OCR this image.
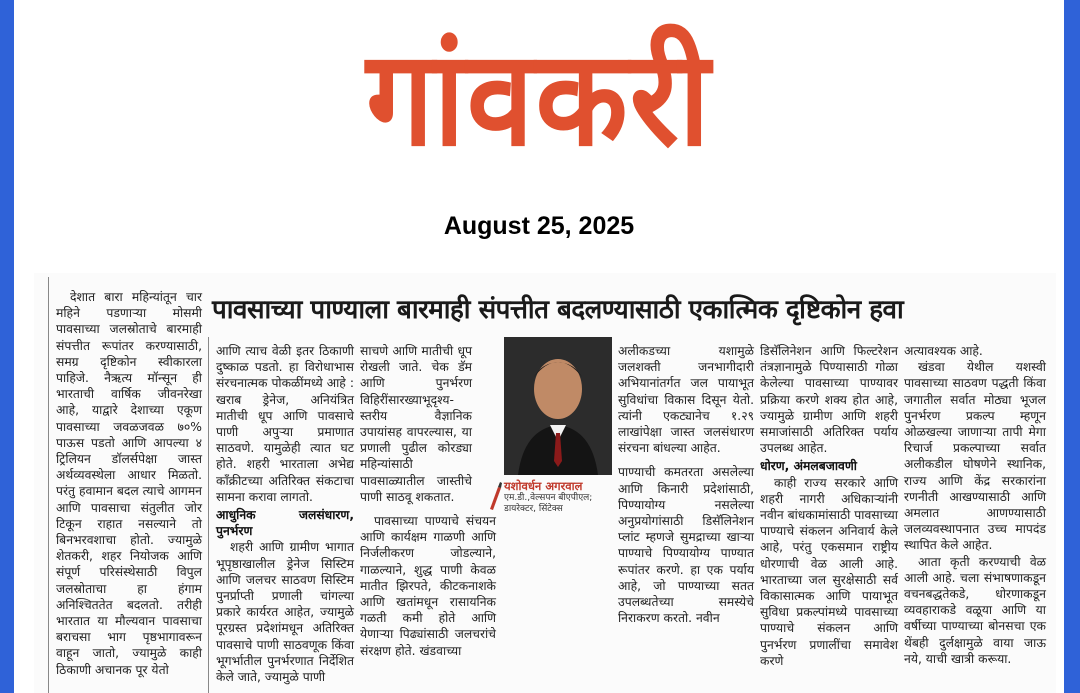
गांवकरी
August 25, 2025
पावसाच्या पाण्याला बारमाही संपत्तीत बदलण्यासाठी एकात्मिक दृष्टिकोन हवा

देशात बारा महिन्यांतून चार महिने पडणाऱ्या मोसमी पावसाच्या जलस्रोताचे बारमाही संपत्तीत रूपांतर करण्यासाठी, समग्र दृष्टिकोन स्वीकारला पाहिजे. नैऋत्य मॉन्सून ही भारताची वार्षिक जीवनरेखा आहे, याद्वारे देशाच्या एकूण पावसाच्या जवळजवळ ७०% पाऊस पडतो आणि आपल्या ४ ट्रिलियन डॉलर्सपेक्षा जास्त अर्थव्यवस्थेला आधार मिळतो. परंतु हवामान बदल त्याचे आगमन आणि पावसाचा संतुलीत जोर टिकून राहात नसल्याने तो बिनभरवशाचा होतो. ज्यामुळे शेतकरी, शहर नियोजक आणि संपूर्ण परिसंस्थेसाठी विपुल जलस्रोताचा हा हंगाम अनिश्चिततेत बदलतो. तरीही भारतात या मौल्यवान पावसाचा बराचसा भाग पृष्ठभागावरून वाहून जातो, ज्यामुळे काही ठिकाणी अचानक पूर येतो

आणि त्याच वेळी इतर ठिकाणी दुष्काळ पडतो. हा विरोधाभास संरचनात्मक पोकळींमध्ये आहे : खराब ड्रेनेज, अनियंत्रित मातीची धूप आणि पावसाचे पाणी अपुऱ्या प्रमाणात साठवणे. यामुळेही त्यात घट होते. शहरी भारताला अभेद्य काँक्रीटच्या अतिरिक्त संकटाचा सामना करावा लागतो.

आधुनिक जलसंधारण, पुनर्भरण

शहरी आणि ग्रामीण भागात भूपृष्ठाखालील ड्रेनेज सिस्टिम आणि जलचर साठवण सिस्टिम पुनर्प्राप्ती प्रणाली चांगल्या प्रकारे कार्यरत आहेत, ज्यामुळे पूरग्रस्त प्रदेशांमधून अतिरिक्त पावसाचे पाणी साठवणूक किंवा भूगर्भातील पुनर्भरणात निर्देशित केले जाते, ज्यामुळे पाणी

साचणे आणि मातीची धूप रोखली जाते. चेक डॅम आणि पुनर्भरण विहिरींसारख्याभूदृश्य-स्तरीय वैज्ञानिक उपायांसह वापरल्यास, या प्रणाली पुढील कोरड्या महिन्यांसाठी पावसाळ्यातील जास्तीचे पाणी साठवू शकतात.

पावसाच्या पाण्याचे संचयन आणि कार्यक्षम गाळणी आणि निर्जलीकरण जोडल्याने, गाळल्याने, शुद्ध पाणी केवळ मातीत झिरपते, कीटकनाशके आणि खतांमधून रासायनिक गळती कमी होते आणि येणाऱ्या पिढ्यांसाठी जलचरांचे संरक्षण होते. खंडवाच्या

यशोवर्धन अगरवाल
एम.डी.,वेल्सपन बीएपीएल;
डायरेक्टर, सिंटेक्स

अलीकडच्या यशामुळे जलशक्ती जनभागीदारी अभियानांतर्गत जल पायाभूत सुविधांचा विकास दिसून येतो. त्यांनी एकट्यानेच १.२९ लाखांपेक्षा जास्त जलसंधारण संरचना बांधल्या आहेत.

पाण्याची कमतरता असलेल्या आणि किनारी प्रदेशांसाठी, पिण्यायोग्य नसलेल्या अनुप्रयोगांसाठी डिसॅलिनेशन प्लांट म्हणजे सुमद्राच्या खाऱ्या पाण्याचे पिण्यायोग्य पाण्यात रूपांतर करणे. हा एक पर्याय आहे, जो पाण्याच्या सतत उपलब्धतेच्या समस्येचे निराकरण करतो. नवीन

डिसॅलिनेशन आणि फिल्टरेशन तंत्रज्ञानामुळे पिण्यासाठी गोळा केलेल्या पावसाच्या पाण्यावर प्रक्रिया करणे शक्य होत आहे, ज्यामुळे ग्रामीण आणि शहरी समाजांसाठी अतिरिक्त पर्याय उपलब्ध आहेत.

धोरण, अंमलबजावणी

काही राज्य सरकारे आणि शहरी नागरी अधिकाऱ्यांनी नवीन बांधकामांसाठी पावसाच्या पाण्याचे संकलन अनिवार्य केले आहे, परंतु एकसमान राष्ट्रीय धोरणाची वेळ आली आहे. भारताच्या जल सुरक्षेसाठी सर्व विकासात्मक आणि पायाभूत सुविधा प्रकल्पांमध्ये पावसाच्या पाण्याचे संकलन आणि पुनर्भरण प्रणालींचा समावेश करणे

अत्यावश्यक आहे.

खंडवा येथील यशस्वी पावसाच्या साठवण पद्धती किंवा जगातील सर्वात मोठ्या भूजल पुनर्भरण प्रकल्प म्हणून ओळखल्या जाणाऱ्या तापी मेगा रिचार्ज प्रकल्पाच्या सर्वात अलीकडील घोषणेने स्थानिक, राज्य आणि केंद्र सरकारांना रणनीती आखण्यासाठी आणि अमलात आणण्यासाठी जलव्यवस्थापनात उच्च मापदंड स्थापित केले आहेत.

आता कृती करण्याची वेळ आली आहे. चला संभाषणाकडून वचनबद्धतेकडे, धोरणाकडून व्यवहाराकडे वळूया आणि या वर्षीच्या पाण्याच्या बोनसचा एक थेंबही दुर्लक्षामुळे वाया जाऊ नये, याची खात्री करूया.
